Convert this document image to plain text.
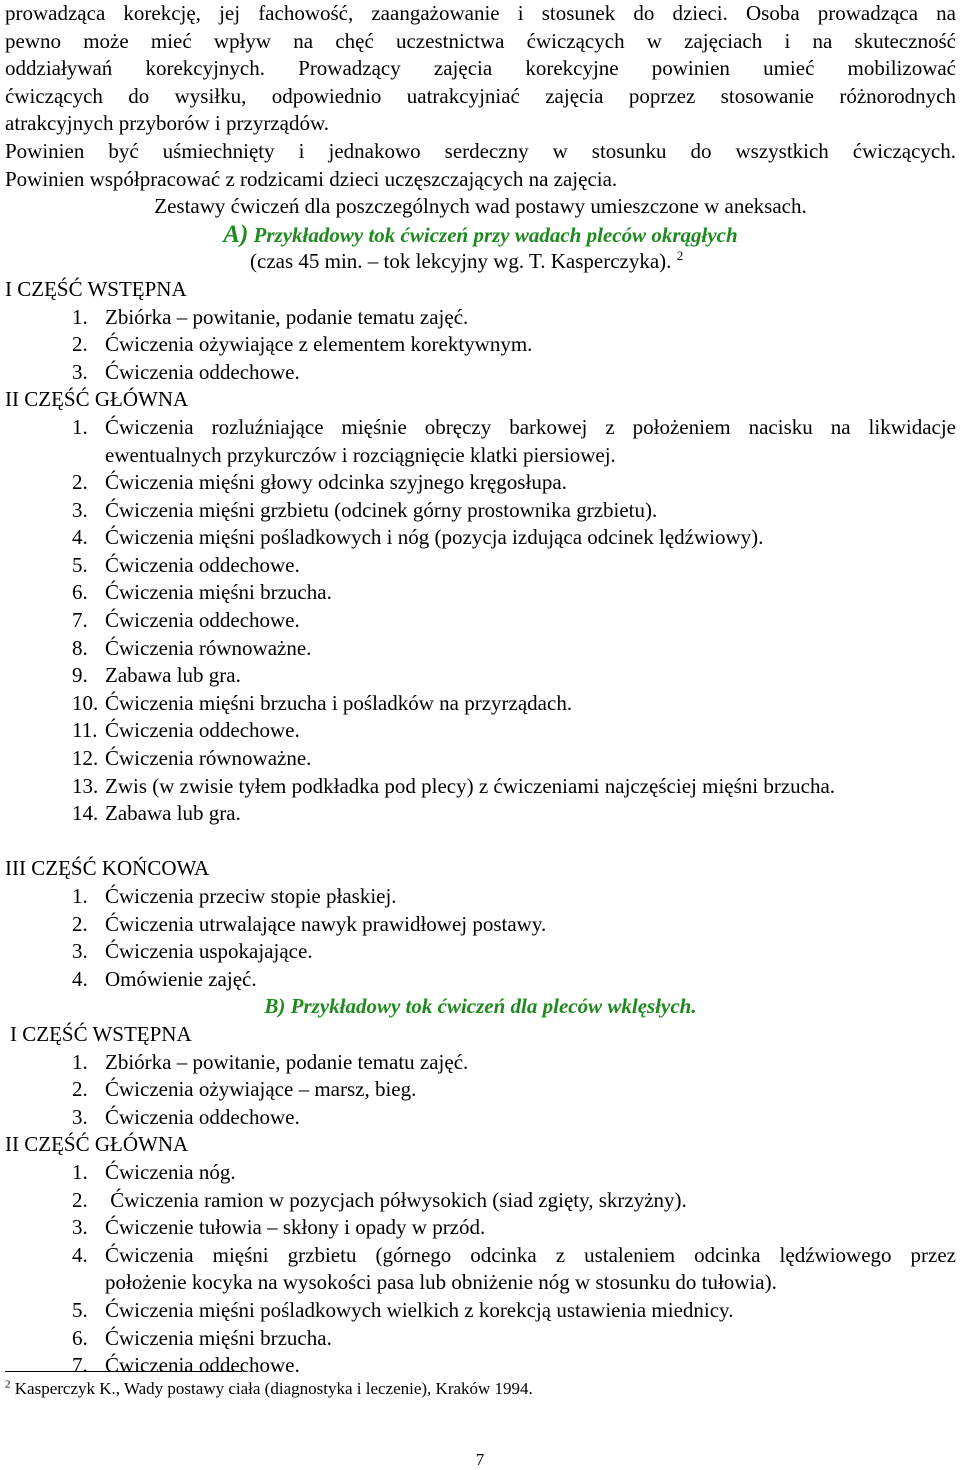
prowadząca korekcję, jej fachowość, zaangażowanie i stosunek do dzieci. Osoba prowadząca na
pewno może mieć wpływ na chęć uczestnictwa ćwiczących w zajęciach i na skuteczność
oddziaływań korekcyjnych. Prowadzący zajęcia korekcyjne powinien umieć mobilizować
ćwiczących do wysiłku, odpowiednio uatrakcyjniać zajęcia poprzez stosowanie różnorodnych
atrakcyjnych przyborów i przyrządów.
Powinien być uśmiechnięty i jednakowo serdeczny w stosunku do wszystkich ćwiczących.
Powinien współpracować z rodzicami dzieci uczęszczających na zajęcia.
Zestawy ćwiczeń dla poszczególnych wad postawy umieszczone w aneksach.
A) Przykładowy tok ćwiczeń przy wadach pleców okrągłych
(czas 45 min. – tok lekcyjny wg. T. Kasperczyka). $^2$
I CZĘŚĆ WSTĘPNA
1. Zbiórka – powitanie, podanie tematu zajęć.
2. Ćwiczenia ożywiające z elementem korektywnym.
3. Ćwiczenia oddechowe.
II CZĘŚĆ GŁÓWNA
1. Ćwiczenia rozluźniające mięśnie obręczy barkowej z położeniem nacisku na likwidacje
ewentualnych przykurczów i rozciągnięcie klatki piersiowej.
2. Ćwiczenia mięśni głowy odcinka szyjnego kręgosłupa.
3. Ćwiczenia mięśni grzbietu (odcinek górny prostownika grzbietu).
4. Ćwiczenia mięśni pośladkowych i nóg (pozycja izdująca odcinek lędźwiowy).
5. Ćwiczenia oddechowe.
6. Ćwiczenia mięśni brzucha.
7. Ćwiczenia oddechowe.
8. Ćwiczenia równoważne.
9. Zabawa lub gra.
10. Ćwiczenia mięśni brzucha i pośladków na przyrządach.
11. Ćwiczenia oddechowe.
12. Ćwiczenia równoważne.
13. Zwis (w zwisie tyłem podkładka pod plecy) z ćwiczeniami najczęściej mięśni brzucha.
14. Zabawa lub gra.
III CZĘŚĆ KOŃCOWA
1. Ćwiczenia przeciw stopie płaskiej.
2. Ćwiczenia utrwalające nawyk prawidłowej postawy.
3. Ćwiczenia uspokajające.
4. Omówienie zajęć.
B) Przykładowy tok ćwiczeń dla pleców wklęsłych.
I CZĘŚĆ WSTĘPNA
1. Zbiórka – powitanie, podanie tematu zajęć.
2. Ćwiczenia ożywiające – marsz, bieg.
3. Ćwiczenia oddechowe.
II CZĘŚĆ GŁÓWNA
1. Ćwiczenia nóg.
2. Ćwiczenia ramion w pozycjach półwysokich (siad zgięty, skrzyżny).
3. Ćwiczenie tułowia – skłony i opady w przód.
4. Ćwiczenia mięśni grzbietu (górnego odcinka z ustaleniem odcinka lędźwiowego przez
położenie kocyka na wysokości pasa lub obniżenie nóg w stosunku do tułowia).
5. Ćwiczenia mięśni pośladkowych wielkich z korekcją ustawienia miednicy.
6. Ćwiczenia mięśni brzucha.
7. Ćwiczenia oddechowe.
$^2$ Kasperczyk K., Wady postawy ciała (diagnostyka i leczenie), Kraków 1994.
7
